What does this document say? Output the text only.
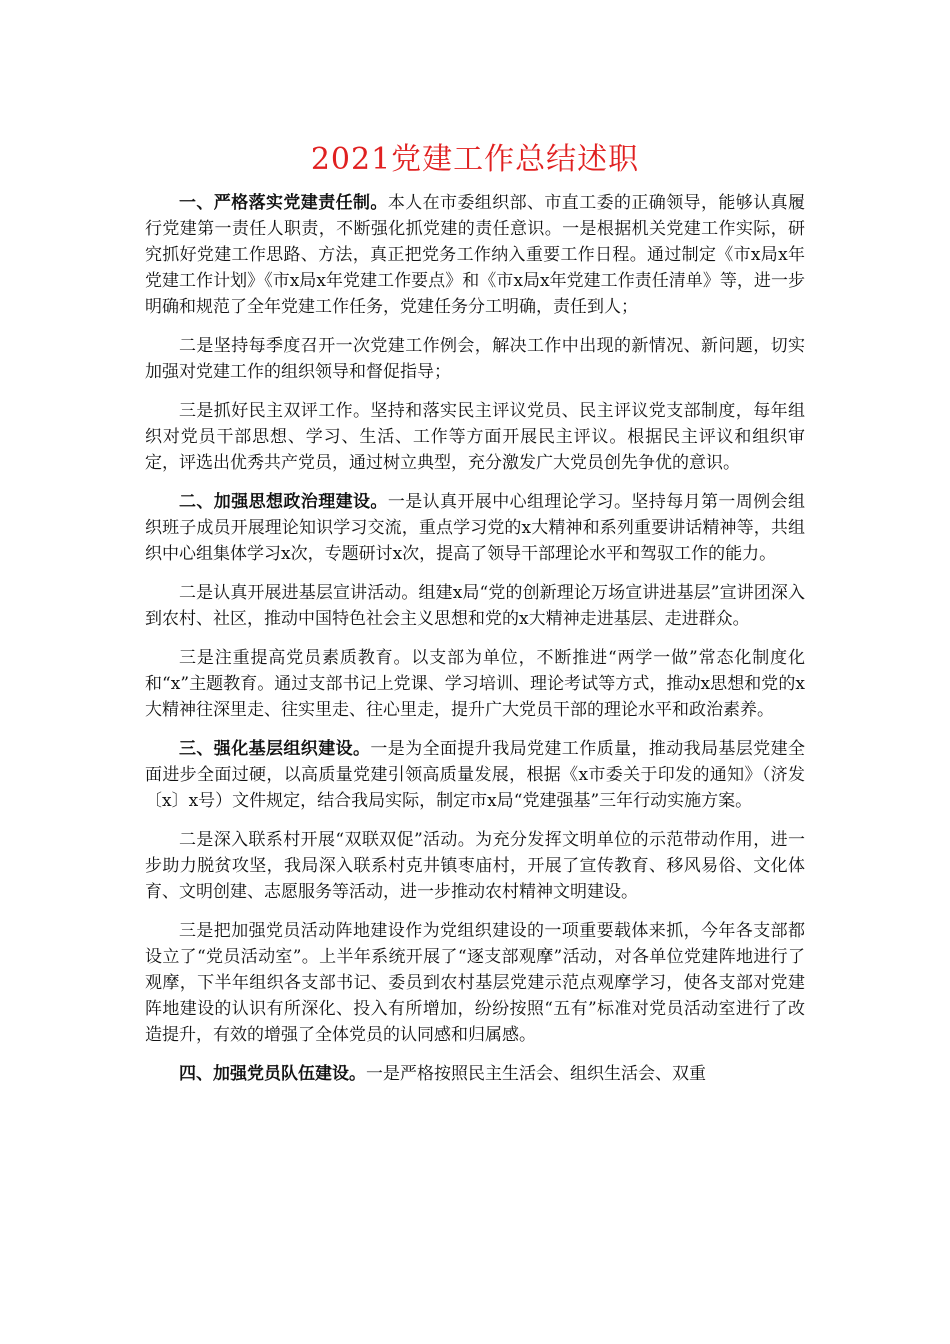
2021党建工作总结述职

一、严格落实党建责任制。本人在市委组织部、市直工委的正确领导，能够认真履行党建第一责任人职责，不断强化抓党建的责任意识。一是根据机关党建工作实际，研究抓好党建工作思路、方法，真正把党务工作纳入重要工作日程。通过制定《市x局x年党建工作计划》《市x局x年党建工作要点》和《市x局x年党建工作责任清单》等，进一步明确和规范了全年党建工作任务，党建任务分工明确，责任到人；

二是坚持每季度召开一次党建工作例会，解决工作中出现的新情况、新问题，切实加强对党建工作的组织领导和督促指导；

三是抓好民主双评工作。坚持和落实民主评议党员、民主评议党支部制度，每年组织对党员干部思想、学习、生活、工作等方面开展民主评议。根据民主评议和组织审定，评选出优秀共产党员，通过树立典型，充分激发广大党员创先争优的意识。

二、加强思想政治理建设。一是认真开展中心组理论学习。坚持每月第一周例会组织班子成员开展理论知识学习交流，重点学习党的x大精神和系列重要讲话精神等，共组织中心组集体学习x次，专题研讨x次，提高了领导干部理论水平和驾驭工作的能力。

二是认真开展进基层宣讲活动。组建x局“党的创新理论万场宣讲进基层”宣讲团深入到农村、社区，推动中国特色社会主义思想和党的x大精神走进基层、走进群众。

三是注重提高党员素质教育。以支部为单位，不断推进“两学一做”常态化制度化和“x”主题教育。通过支部书记上党课、学习培训、理论考试等方式，推动x思想和党的x大精神往深里走、往实里走、往心里走，提升广大党员干部的理论水平和政治素养。

三、强化基层组织建设。一是为全面提升我局党建工作质量，推动我局基层党建全面进步全面过硬，以高质量党建引领高质量发展，根据《x市委关于印发的通知》（济发〔x〕x号）文件规定，结合我局实际，制定市x局“党建强基”三年行动实施方案。

二是深入联系村开展“双联双促”活动。为充分发挥文明单位的示范带动作用，进一步助力脱贫攻坚，我局深入联系村克井镇枣庙村，开展了宣传教育、移风易俗、文化体育、文明创建、志愿服务等活动，进一步推动农村精神文明建设。

三是把加强党员活动阵地建设作为党组织建设的一项重要载体来抓，今年各支部都设立了“党员活动室”。上半年系统开展了“逐支部观摩”活动，对各单位党建阵地进行了观摩，下半年组织各支部书记、委员到农村基层党建示范点观摩学习，使各支部对党建阵地建设的认识有所深化、投入有所增加，纷纷按照“五有”标准对党员活动室进行了改造提升，有效的增强了全体党员的认同感和归属感。

四、加强党员队伍建设。一是严格按照民主生活会、组织生活会、双重
